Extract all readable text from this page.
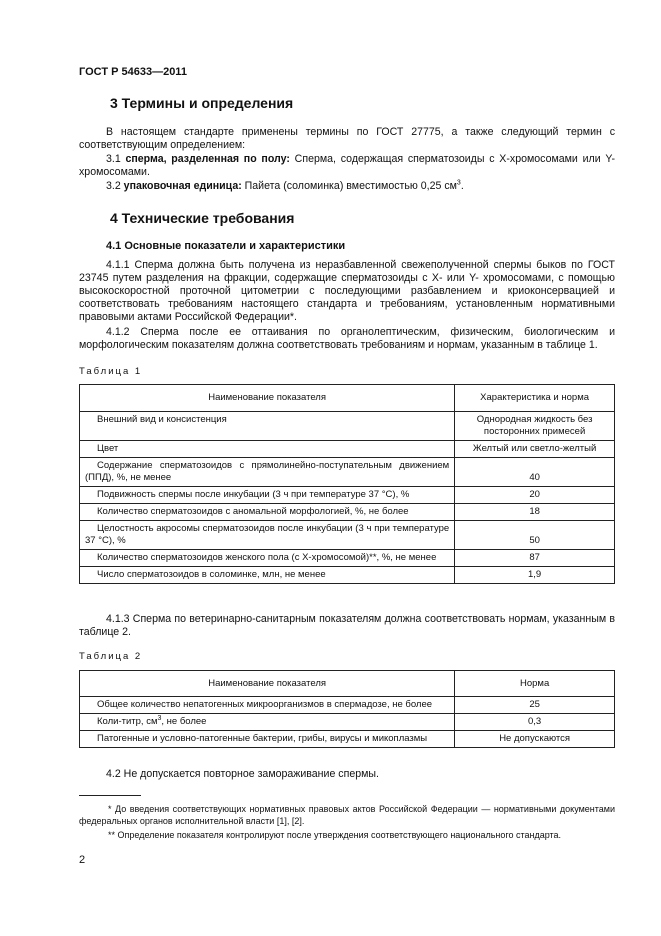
ГОСТ Р 54633—2011
3 Термины и определения
В настоящем стандарте применены термины по ГОСТ 27775, а также следующий термин с соответствующим определением:
3.1 сперма, разделенная по полу: Сперма, содержащая сперматозоиды с X-хромосомами или Y-хромосомами.
3.2 упаковочная единица: Пайета (соломинка) вместимостью 0,25 $см^3$.
4 Технические требования
4.1 Основные показатели и характеристики
4.1.1 Сперма должна быть получена из неразбавленной свежеполученной спермы быков по ГОСТ 23745 путем разделения на фракции, содержащие сперматозоиды с X- или Y- хромосомами, с помощью высокоскоростной проточной цитометрии с последующими разбавлением и криоконсервацией и соответствовать требованиям настоящего стандарта и требованиям, установленным нормативными правовыми актами Российской Федерации*.
4.1.2 Сперма после ее оттаивания по органолептическим, физическим, биологическим и морфологическим показателям должна соответствовать требованиям и нормам, указанным в таблице 1.
Таблица 1
Наименование показателя	Характеристика и норма
Внешний вид и консистенция	Однородная жидкость без посторонних примесей
Цвет	Желтый или светло-желтый
Содержание сперматозоидов с прямолинейно-поступательным движением (ППД), %, не менее	40
Подвижность спермы после инкубации (3 ч при температуре 37 °С), %	20
Количество сперматозоидов с аномальной морфологией, %, не более	18
Целостность акросомы сперматозоидов после инкубации (3 ч при температуре 37 °С), %	50
Количество сперматозоидов женского пола (с X-хромосомой)**, %, не менее	87
Число сперматозоидов в соломинке, млн, не менее	1,9
4.1.3 Сперма по ветеринарно-санитарным показателям должна соответствовать нормам, указанным в таблице 2.
Таблица 2
Наименование показателя	Норма
Общее количество непатогенных микроорганизмов в спермадозе, не более	25
Коли-титр, $см^3$, не более	0,3
Патогенные и условно-патогенные бактерии, грибы, вирусы и микоплазмы	Не допускаются
4.2 Не допускается повторное замораживание спермы.
* До введения соответствующих нормативных правовых актов Российской Федерации — нормативными документами федеральных органов исполнительной власти [1], [2].
** Определение показателя контролируют после утверждения соответствующего национального стандарта.
2
